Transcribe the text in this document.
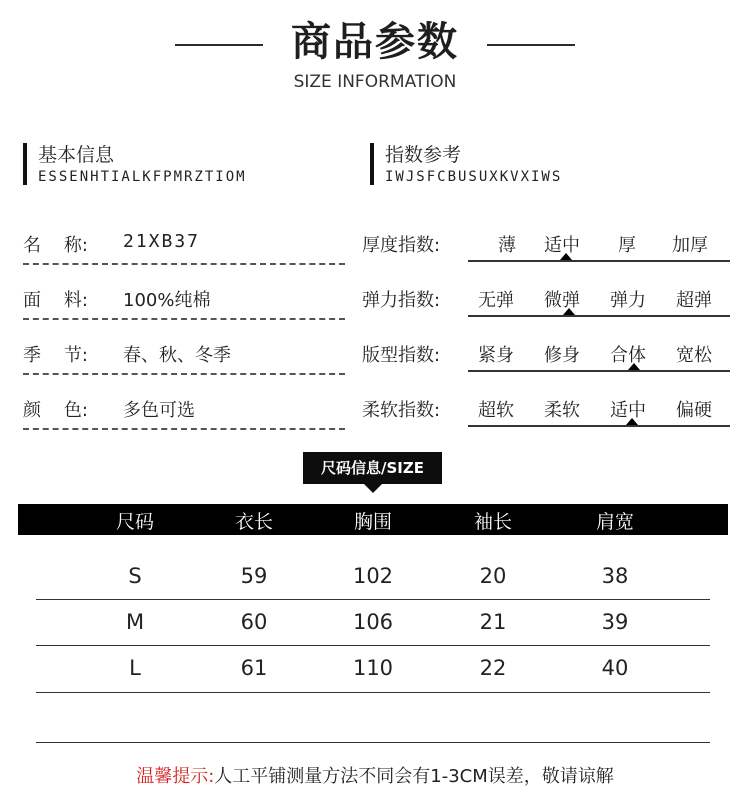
商品参数
SIZE INFORMATION
基本信息
ESSENHTIALKFPMRZTIOM
指数参考
IWJSFCBUSUXKVXIWS
名    称: 21XB37
面    料: 100%纯棉
季    节: 春、秋、冬季
颜    色: 多色可选
厚度指数:	薄 适中 厚 加厚
弹力指数: 无弹 微弹 弹力 超弹
版型指数: 紧身 修身 合体 宽松
柔软指数: 超软 柔软 适中 偏硬
尺码信息/SIZE
尺码	衣长	胸围	袖长	肩宽
S	59	102	20	38
M	60	106	21	39
L	61	110	22	40
温馨提示:人工平铺测量方法不同会有1-3CM误差，敬请谅解
